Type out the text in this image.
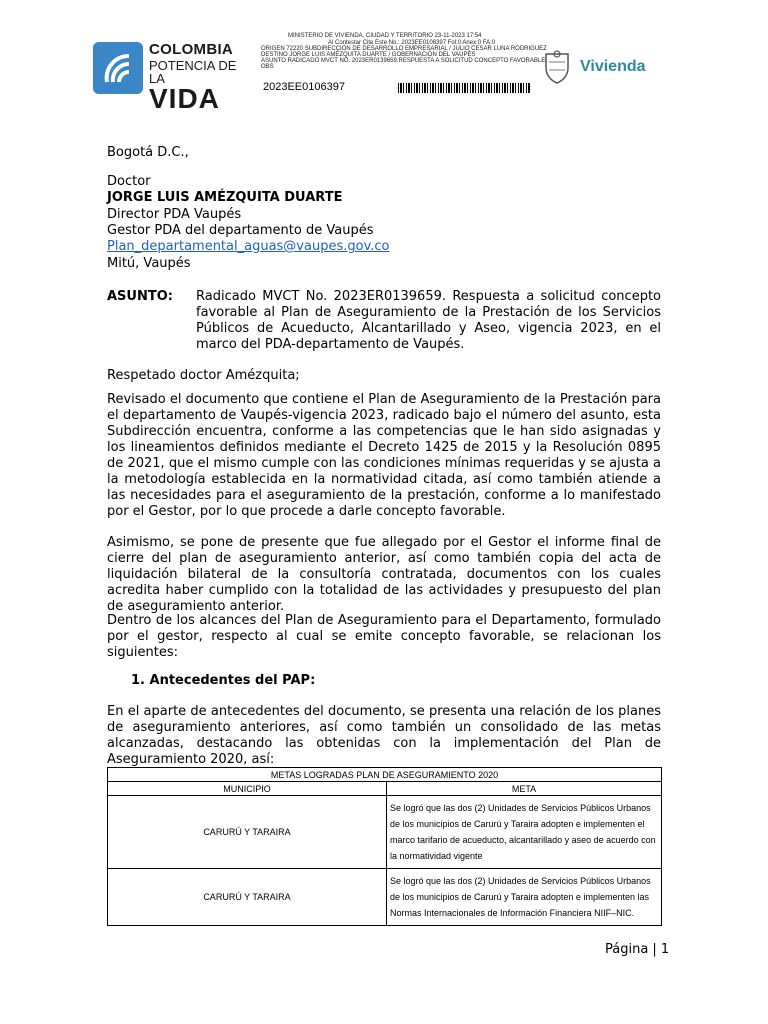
COLOMBIA
POTENCIA DE LA
VIDA
MINISTERIO DE VIVIENDA, CIUDAD Y TERRITORIO 23-11-2023 17:54
Al Contestar Cite Este No.: 2023EE0106397 Fol:0 Anex:0 FA:0
ORIGEN 72220 SUBDIRECCIÓN DE DESARROLLO EMPRESARIAL / JULIO CESAR LUNA RODRIGUEZ
DESTINO JORGE LUIS AMÉZQUITA DUARTE / GOBERNACIÓN DEL VAUPÉS
ASUNTO RADICADO MVCT NO. 2023ER0139659.RESPUESTA A SOLICITUD CONCEPTO FAVORABLE
OBS
2023EE0106397
Vivienda
Bogotá D.C.,
Doctor
JORGE LUIS AMÉZQUITA DUARTE
Director PDA Vaupés
Gestor PDA del departamento de Vaupés
Plan_departamental_aguas@vaupes.gov.co
Mitú, Vaupés
ASUNTO: Radicado MVCT No. 2023ER0139659. Respuesta a solicitud concepto favorable al Plan de Aseguramiento de la Prestación de los Servicios Públicos de Acueducto, Alcantarillado y Aseo, vigencia 2023, en el marco del PDA-departamento de Vaupés.
Respetado doctor Amézquita;
Revisado el documento que contiene el Plan de Aseguramiento de la Prestación para el departamento de Vaupés-vigencia 2023, radicado bajo el número del asunto, esta Subdirección encuentra, conforme a las competencias que le han sido asignadas y los lineamientos definidos mediante el Decreto 1425 de 2015 y la Resolución 0895 de 2021, que el mismo cumple con las condiciones mínimas requeridas y se ajusta a la metodología establecida en la normatividad citada, así como también atiende a las necesidades para el aseguramiento de la prestación, conforme a lo manifestado por el Gestor, por lo que procede a darle concepto favorable.
Asimismo, se pone de presente que fue allegado por el Gestor el informe final de cierre del plan de aseguramiento anterior, así como también copia del acta de liquidación bilateral de la consultoría contratada, documentos con los cuales acredita haber cumplido con la totalidad de las actividades y presupuesto del plan de aseguramiento anterior.
Dentro de los alcances del Plan de Aseguramiento para el Departamento, formulado por el gestor, respecto al cual se emite concepto favorable, se relacionan los siguientes:
1. Antecedentes del PAP:
En el aparte de antecedentes del documento, se presenta una relación de los planes de aseguramiento anteriores, así como también un consolidado de las metas alcanzadas, destacando las obtenidas con la implementación del Plan de Aseguramiento 2020, así:
METAS LOGRADAS PLAN DE ASEGURAMIENTO 2020	
MUNICIPIO	META
CARURÚ Y TARAIRA	Se logró que las dos (2) Unidades de Servicios Públicos Urbanos de los municipios de Carurú y Taraira adopten e implementen el marco tarifario de acueducto, alcantarillado y aseo de acuerdo con la normatividad vigente
CARURÚ Y TARAIRA	Se logró que las dos (2) Unidades de Servicios Públicos Urbanos de los municipios de Carurú y Taraira adopten e implementen las Normas Internacionales de Información Financiera NIIF–NIC.
Página | 1
